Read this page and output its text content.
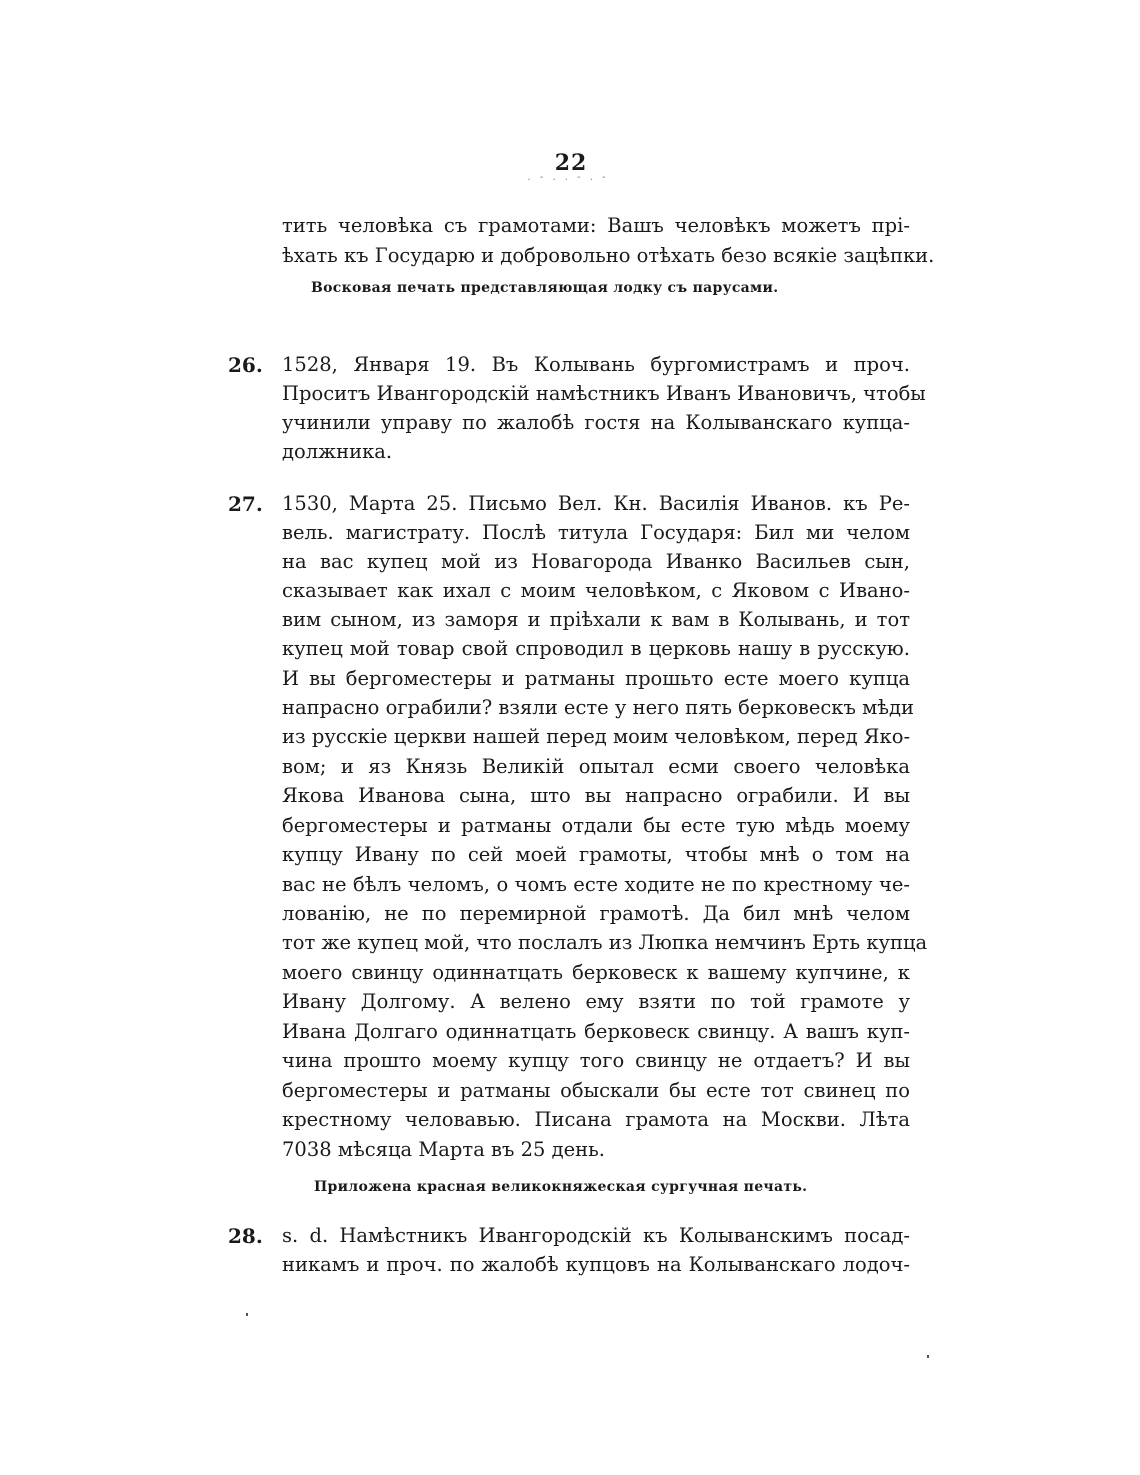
22
. - . . - . -
тить человѣка съ грамотами: Вашъ человѣкъ можетъ прі-
ѣхать къ Государю и добровольно отѣхать безо всякіе зацѣпки.
Восковая печать представляющая лодку съ парусами.
26. 1528, Января 19. Въ Колывань бургомистрамъ и проч.
Проситъ Ивангородскій намѣстникъ Иванъ Ивановичъ, чтобы
учинили управу по жалобѣ гостя на Колыванскаго купца-
должника.
27. 1530, Марта 25. Письмо Вел. Кн. Василія Иванов. къ Ре-
вель. магистрату. Послѣ титула Государя: Бил ми челом
на вас купец мой из Новагорода Иванко Васильев сын,
сказывает как ихал с моим человѣком, с Яковом с Ивано-
вим сыном, из заморя и пріѣхали к вам в Колывань, и тот
купец мой товар свой спроводил в церковь нашу в русскую.
И вы бергоместеры и ратманы прошьто есте моего купца
напрасно ограбили? взяли есте у него пять берковескъ мѣди
из русскіе церкви нашей перед моим человѣком, перед Яко-
вом; и яз Князь Великій опытал есми своего человѣка
Якова Иванова сына, што вы напрасно ограбили. И вы
бергоместеры и ратманы отдали бы есте тую мѣдь моему
купцу Ивану по сей моей грамоты, чтобы мнѣ о том на
вас не бѣлъ челомъ, о чомъ есте ходите не по крестному че-
лованію, не по перемирной грамотѣ. Да бил мнѣ челом
тот же купец мой, что послалъ из Люпка немчинъ Ерть купца
моего свинцу одиннатцать берковеск к вашему купчине, к
Ивану Долгому. А велено ему взяти по той грамоте у
Ивана Долгаго одиннатцать берковеск свинцу. А вашъ куп-
чина прошто моему купцу того свинцу не отдаетъ? И вы
бергоместеры и ратманы обыскали бы есте тот свинец по
крестному человавью. Писана грамота на Москви. Лѣта
7038 мѣсяца Марта въ 25 день.
Приложена красная великокняжеская сургучная печать.
28. s. d. Намѣстникъ Ивангородскій къ Колыванскимъ посад-
никамъ и проч. по жалобѣ купцовъ на Колыванскаго лодоч-
